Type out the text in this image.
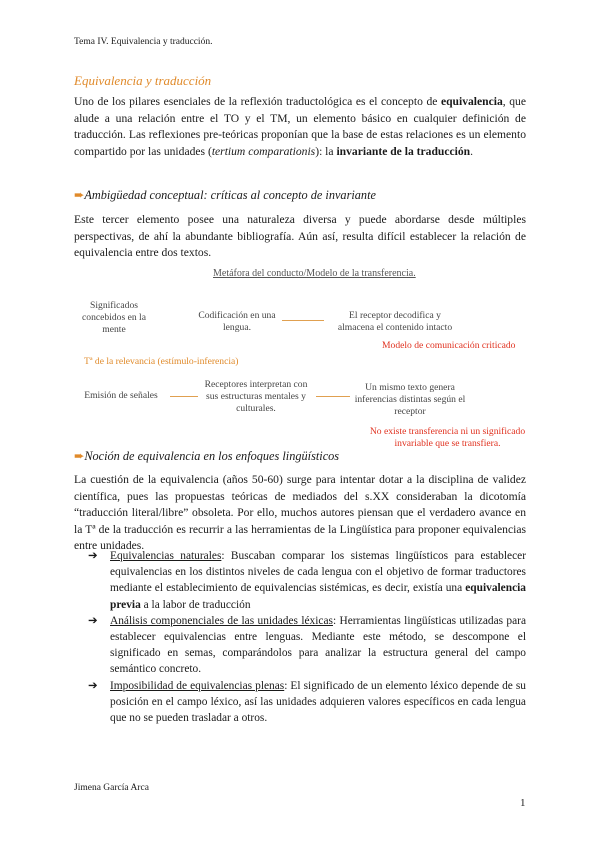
Tema IV. Equivalencia y traducción.
Equivalencia y traducción
Uno de los pilares esenciales de la reflexión traductológica es el concepto de equivalencia, que alude a una relación entre el TO y el TM, un elemento básico en cualquier definición de traducción. Las reflexiones pre-teóricas proponían que la base de estas relaciones es un elemento compartido por las unidades (tertium comparationis): la invariante de la traducción.
➨Ambigüedad conceptual: críticas al concepto de invariante
Este tercer elemento posee una naturaleza diversa y puede abordarse desde múltiples perspectivas, de ahí la abundante bibliografía. Aún así, resulta difícil establecer la relación de equivalencia entre dos textos.
Metáfora del conducto/Modelo de la transferencia.
Significados concebidos en la mente
Codificación en una lengua.
El receptor decodifica y almacena el contenido intacto
Modelo de comunicación criticado
Tª de la relevancia (estímulo-inferencia)
Emisión de señales
Receptores interpretan con sus estructuras mentales y culturales.
Un mismo texto genera inferencias distintas según el receptor
No existe transferencia ni un significado invariable que se transfiera.
➨Noción de equivalencia en los enfoques lingüísticos
La cuestión de la equivalencia (años 50-60) surge para intentar dotar a la disciplina de validez científica, pues las propuestas teóricas de mediados del s.XX consideraban la dicotomía “traducción literal/libre” obsoleta. Por ello, muchos autores piensan que el verdadero avance en la Tª de la traducción es recurrir a las herramientas de la Lingüística para proponer equivalencias entre unidades.
➔ Equivalencias naturales: Buscaban comparar los sistemas lingüísticos para establecer equivalencias en los distintos niveles de cada lengua con el objetivo de formar traductores mediante el establecimiento de equivalencias sistémicas, es decir, existía una equivalencia previa a la labor de traducción
➔ Análisis componenciales de las unidades léxicas: Herramientas lingüísticas utilizadas para establecer equivalencias entre lenguas. Mediante este método, se descompone el significado en semas, comparándolos para analizar la estructura general del campo semántico concreto.
➔ Imposibilidad de equivalencias plenas: El significado de un elemento léxico depende de su posición en el campo léxico, así las unidades adquieren valores específicos en cada lengua que no se pueden trasladar a otros.
Jimena García Arca
1
